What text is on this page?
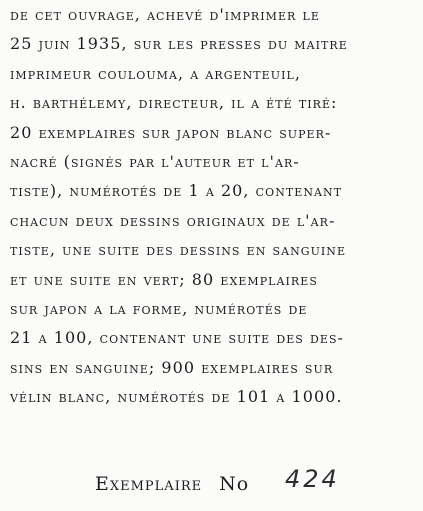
de cet ouvrage, achevé d'imprimer le
25 juin 1935, sur les presses du maitre
imprimeur coulouma, a argenteuil,
h. barthélemy, directeur, il a été tiré:
20 exemplaires sur japon blanc super-
nacré (signés par l'auteur et l'ar-
tiste), numérotés de 1 a 20, contenant
chacun deux dessins originaux de l'ar-
tiste, une suite des dessins en sanguine
et une suite en vert; 80 exemplaires
sur japon a la forme, numérotés de
21 a 100, contenant une suite des des-
sins en sanguine; 900 exemplaires sur
vélin blanc, numérotés de 101 a 1000.
Exemplaire No 424
